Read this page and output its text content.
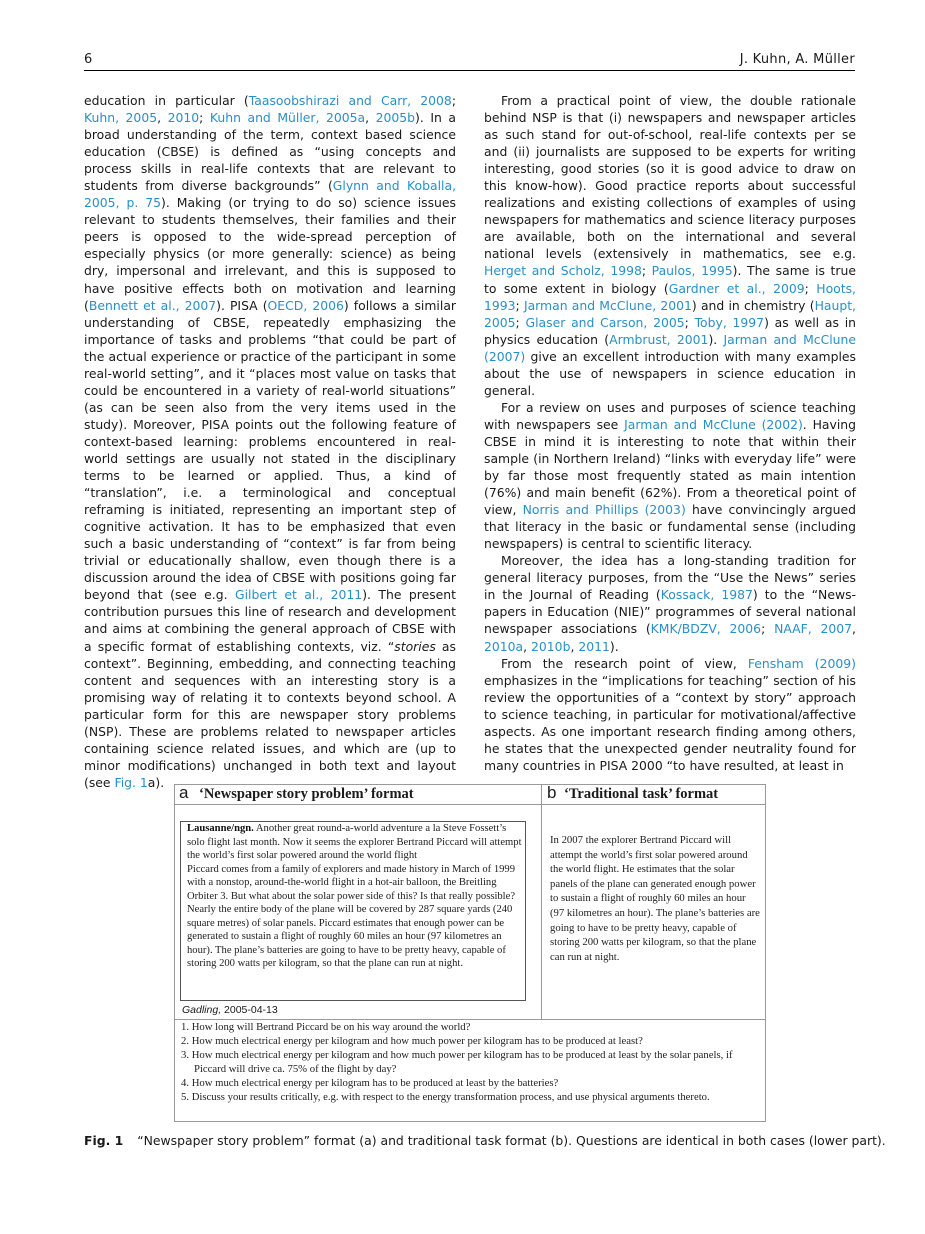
6	J. Kuhn, A. Müller

education in particular (Taasoobshirazi and Carr, 2008; Kuhn, 2005, 2010; Kuhn and Müller, 2005a, 2005b). In a broad understanding of the term, context based science education (CBSE) is defined as “using concepts and process skills in real-life contexts that are relevant to students from diverse backgrounds” (Glynn and Koballa, 2005, p. 75). Making (or trying to do so) science issues relevant to students themselves, their families and their peers is opposed to the wide-spread perception of especially physics (or more generally: science) as being dry, impersonal and irrelevant, and this is supposed to have positive effects both on motivation and learning (Bennett et al., 2007). PISA (OECD, 2006) follows a similar understanding of CBSE, repeatedly emphasizing the importance of tasks and problems “that could be part of the actual experience or practice of the participant in some real-world setting”, and it “places most value on tasks that could be encountered in a variety of real-world situations” (as can be seen also from the very items used in the study). Moreover, PISA points out the following feature of context-based learning: problems encountered in real-world settings are usually not stated in the disciplinary terms to be learned or applied. Thus, a kind of “translation”, i.e. a terminological and conceptual reframing is initiated, representing an important step of cognitive activation. It has to be emphasized that even such a basic understanding of “context” is far from being trivial or educationally shallow, even though there is a discussion around the idea of CBSE with positions going far beyond that (see e.g. Gilbert et al., 2011). The present contribution pursues this line of research and development and aims at combining the general approach of CBSE with a specific format of establishing contexts, viz. “stories as context”. Beginning, embedding, and connecting teaching content and sequences with an interesting story is a promising way of relating it to contexts beyond school. A particular form for this are newspaper story problems (NSP). These are problems related to newspaper articles containing science related issues, and which are (up to minor modifications) unchanged in both text and layout (see Fig. 1a).

From a practical point of view, the double rationale behind NSP is that (i) newspapers and newspaper articles as such stand for out-of-school, real-life contexts per se and (ii) journalists are supposed to be experts for writing interesting, good stories (so it is good advice to draw on this know-how). Good practice reports about successful realizations and existing collections of examples of using newspapers for mathematics and science literacy purposes are available, both on the international and several national levels (extensively in mathematics, see e.g. Herget and Scholz, 1998; Paulos, 1995). The same is true to some extent in biology (Gardner et al., 2009; Hoots, 1993; Jarman and McClune, 2001) and in chemistry (Haupt, 2005; Glaser and Carson, 2005; Toby, 1997) as well as in physics education (Armbrust, 2001). Jarman and McClune (2007) give an excellent introduction with many examples about the use of newspapers in science education in general.

For a review on uses and purposes of science teaching with newspapers see Jarman and McClune (2002). Having CBSE in mind it is interesting to note that within their sample (in Northern Ireland) “links with everyday life” were by far those most frequently stated as main intention (76%) and main benefit (62%). From a theoretical point of view, Norris and Phillips (2003) have convincingly argued that literacy in the basic or fundamental sense (including newspapers) is central to scientific literacy.

Moreover, the idea has a long-standing tradition for general literacy purposes, from the “Use the News” series in the Journal of Reading (Kossack, 1987) to the “Newspapers in Education (NIE)” programmes of several national newspaper associations (KMK/BDZV, 2006; NAAF, 2007, 2010a, 2010b, 2011).

From the research point of view, Fensham (2009) emphasizes in the “implications for teaching” section of his review the opportunities of a “context by story” approach to science teaching, in particular for motivational/affective aspects. As one important research finding among others, he states that the unexpected gender neutrality found for many countries in PISA 2000 “to have resulted, at least in

a ‘Newspaper story problem’ format	b ‘Traditional task’ format
Lausanne/ngn. Another great round-a-world adventure a la Steve Fossett’s solo flight last month. Now it seems the explorer Bertrand Piccard will attempt the world’s first solar powered around the world flight
Piccard comes from a family of explorers and made history in March of 1999 with a nonstop, around-the-world flight in a hot-air balloon, the Breitling Orbiter 3. But what about the solar power side of this? Is that really possible? Nearly the entire body of the plane will be covered by 287 square yards (240 square metres) of solar panels. Piccard estimates that enough power can be generated to sustain a flight of roughly 60 miles an hour (97 kilometres an hour). The plane’s batteries are going to have to be pretty heavy, capable of storing 200 watts per kilogram, so that the plane can run at night.
Gadling, 2005-04-13
In 2007 the explorer Bertrand Piccard will attempt the world’s first solar powered around the world flight. He estimates that the solar panels of the plane can generated enough power to sustain a flight of roughly 60 miles an hour (97 kilometres an hour). The plane’s batteries are going to have to be pretty heavy, capable of storing 200 watts per kilogram, so that the plane can run at night.
1. How long will Bertrand Piccard be on his way around the world?
2. How much electrical energy per kilogram and how much power per kilogram has to be produced at least?
3. How much electrical energy per kilogram and how much power per kilogram has to be produced at least by the solar panels, if Piccard will drive ca. 75% of the flight by day?
4. How much electrical energy per kilogram has to be produced at least by the batteries?
5. Discuss your results critically, e.g. with respect to the energy transformation process, and use physical arguments thereto.
Fig. 1 “Newspaper story problem” format (a) and traditional task format (b). Questions are identical in both cases (lower part).
